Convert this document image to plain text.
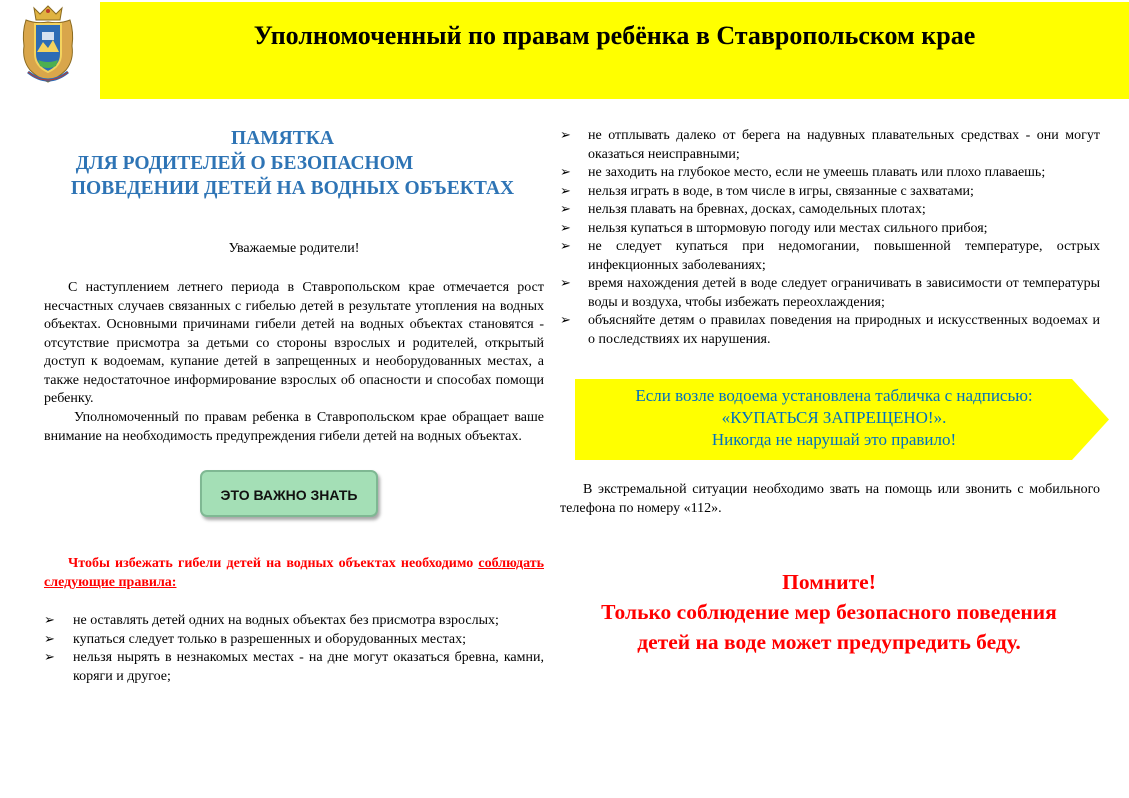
Уполномоченный по правам ребёнка в Ставропольском крае
ПАМЯТКА
ДЛЯ РОДИТЕЛЕЙ О БЕЗОПАСНОМ
ПОВЕДЕНИИ ДЕТЕЙ НА ВОДНЫХ ОБЪЕКТАХ
Уважаемые родители!

С наступлением летнего периода в Ставропольском крае отмечается рост несчастных случаев связанных с гибелью детей в результате утопления на водных объектах. Основными причинами гибели детей на водных объектах становятся - отсутствие присмотра за детьми со стороны взрослых и родителей, открытый доступ к водоемам, купание детей в запрещенных и необорудованных местах, а также недостаточное информирование взрослых об опасности и способах помощи ребенку.

Уполномоченный по правам ребенка в Ставропольском крае обращает ваше внимание на необходимость предупреждения гибели детей на водных объектах.

ЭТО ВАЖНО ЗНАТЬ
Чтобы избежать гибели детей на водных объектах необходимо соблюдать следующие правила:
➢ не оставлять детей одних на водных объектах без присмотра взрослых;
➢ купаться следует только в разрешенных и оборудованных местах;
➢ нельзя нырять в незнакомых местах - на дне могут оказаться бревна, камни, коряги и другое;
➢ не отплывать далеко от берега на надувных плавательных средствах - они могут оказаться неисправными;
➢ не заходить на глубокое место, если не умеешь плавать или плохо плаваешь;
➢ нельзя играть в воде, в том числе в игры, связанные с захватами;
➢ нельзя плавать на бревнах, досках, самодельных плотах;
➢ нельзя купаться в штормовую погоду или местах сильного прибоя;
➢ не следует купаться при недомогании, повышенной температуре, острых инфекционных заболеваниях;
➢ время нахождения детей в воде следует ограничивать в зависимости от температуры воды и воздуха, чтобы избежать переохлаждения;
➢ объясняйте детям о правилах поведения на природных и искусственных водоемах и о последствиях их нарушения.
Если возле водоема установлена табличка с надписью:
«КУПАТЬСЯ ЗАПРЕЩЕНО!».
Никогда не нарушай это правило!

В экстремальной ситуации необходимо звать на помощь или звонить с мобильного телефона по номеру «112».

Помните!
Только соблюдение мер безопасного поведения
детей на воде может предупредить беду.
